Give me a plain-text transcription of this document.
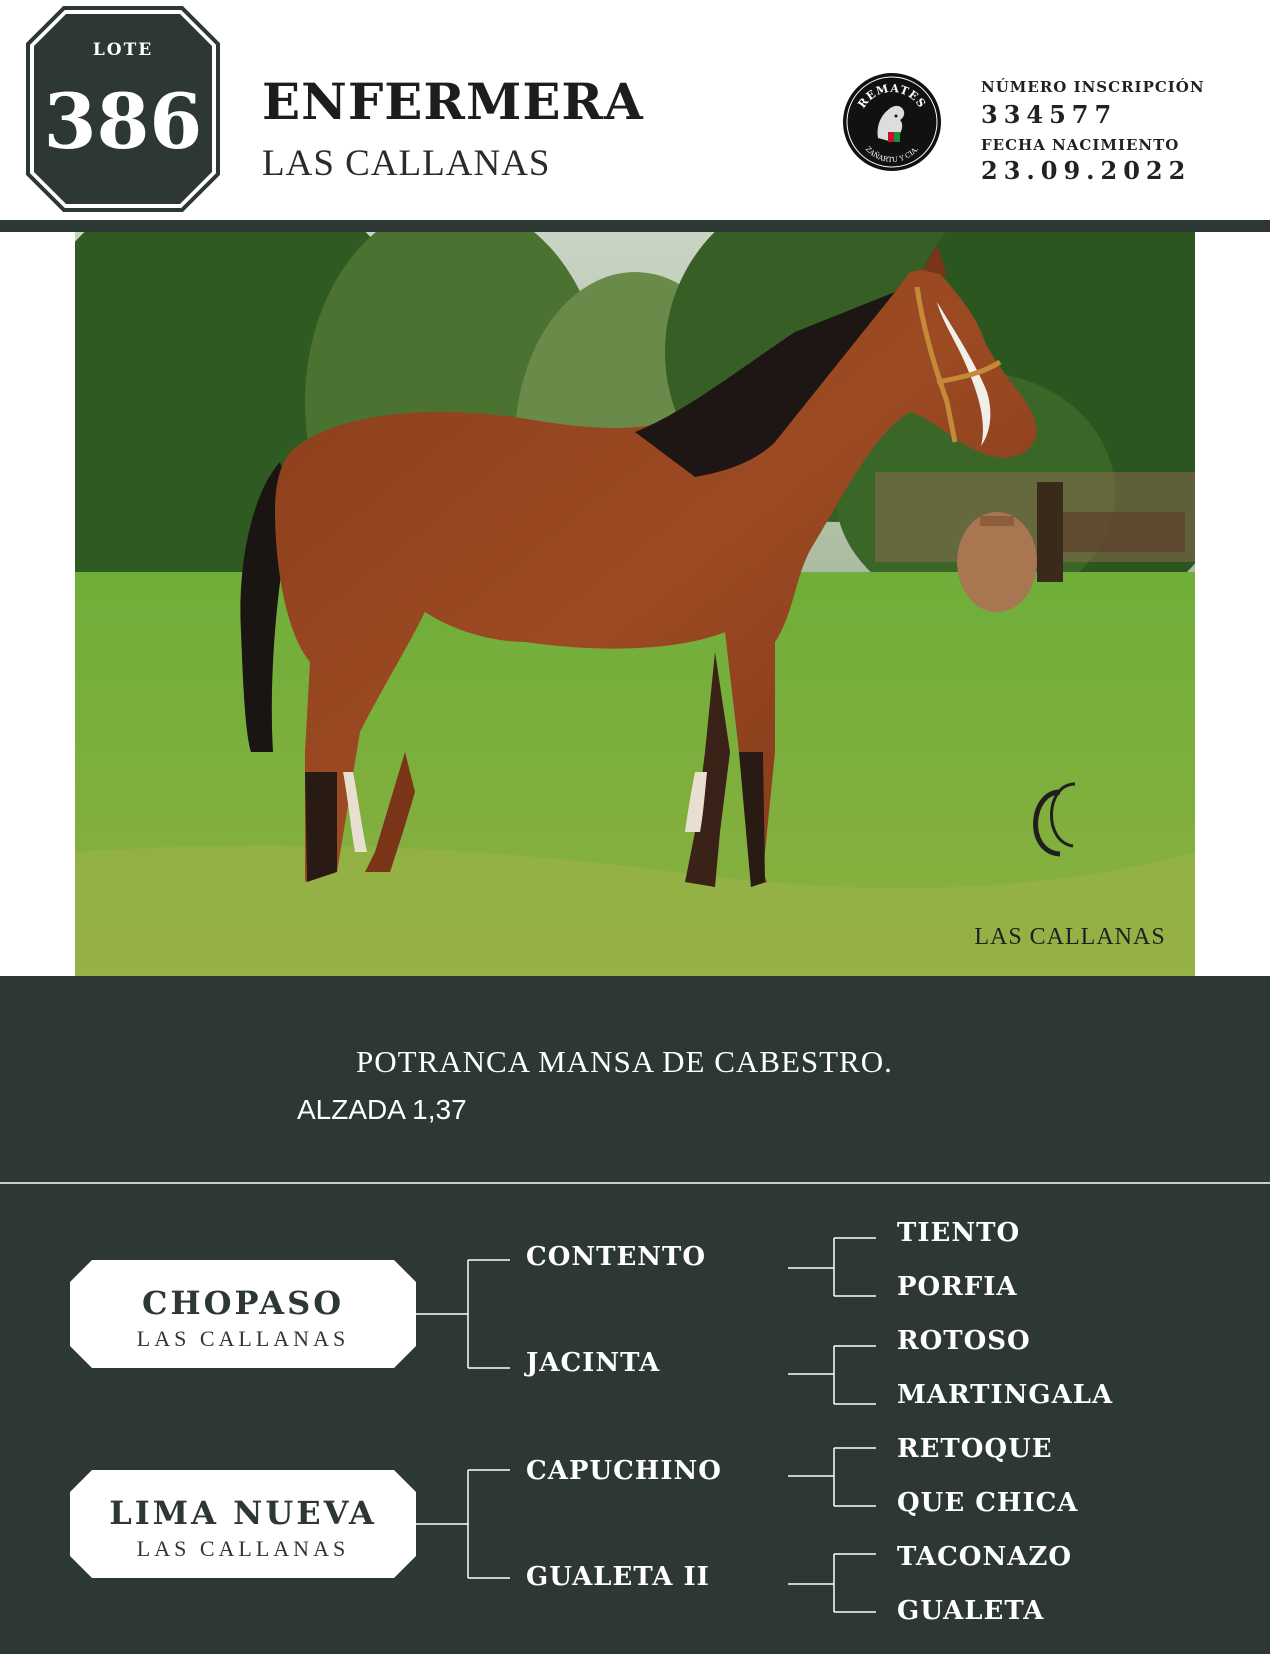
LOTE
386	ENFERMERA
LAS CALLANAS
REMATES
ZAÑARTU Y CIA.
NÚMERO INSCRIPCIÓN
334577
FECHA NACIMIENTO
23.09.2022
LAS CALLANAS
POTRANCA MANSA DE CABESTRO.
ALZADA 1,37
CHOPASO
LAS CALLANAS
LIMA NUEVA
LAS CALLANAS
CONTENTO
JACINTA
CAPUCHINO
GUALETA II
TIENTO
PORFIA
ROTOSO
MARTINGALA
RETOQUE
QUE CHICA
TACONAZO
GUALETA
